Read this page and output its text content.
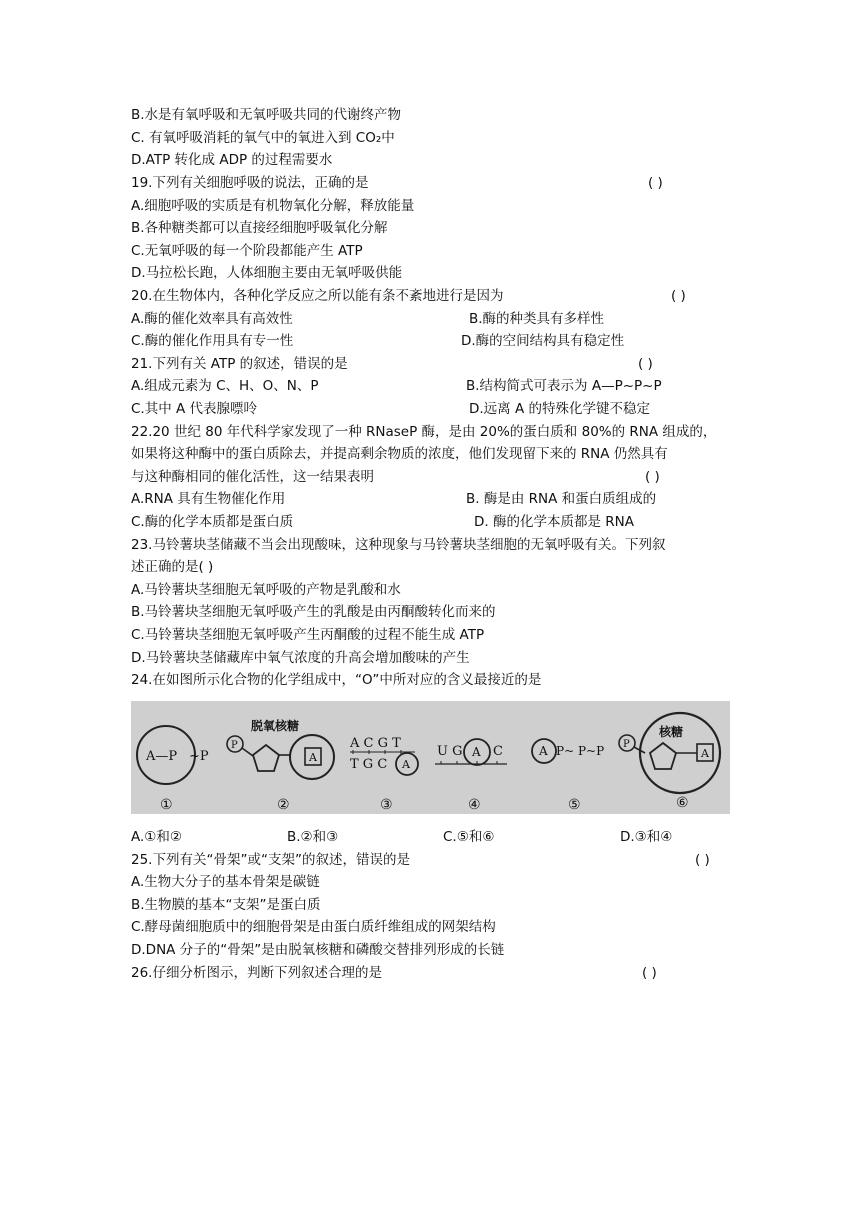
B.水是有氧呼吸和无氧呼吸共同的代谢终产物
C. 有氧呼吸消耗的氧气中的氧进入到 CO₂中
D.ATP 转化成 ADP 的过程需要水
19.下列有关细胞呼吸的说法，正确的是	( )
A.细胞呼吸的实质是有机物氧化分解，释放能量
B.各种糖类都可以直接经细胞呼吸氧化分解
C.无氧呼吸的每一个阶段都能产生 ATP
D.马拉松长跑，人体细胞主要由无氧呼吸供能
20.在生物体内，各种化学反应之所以能有条不紊地进行是因为	( )
A.酶的催化效率具有高效性	B.酶的种类具有多样性
C.酶的催化作用具有专一性	D.酶的空间结构具有稳定性
21.下列有关 ATP 的叙述，错误的是	( )
A.组成元素为 C、H、O、N、P	B.结构简式可表示为 A—P~P~P
C.其中 A 代表腺嘌呤	D.远离 A 的特殊化学键不稳定
22.20 世纪 80 年代科学家发现了一种 RNaseP 酶，是由 20%的蛋白质和 80%的 RNA 组成的，
如果将这种酶中的蛋白质除去，并提高剩余物质的浓度，他们发现留下来的 RNA 仍然具有
与这种酶相同的催化活性，这一结果表明	( )
A.RNA 具有生物催化作用	B. 酶是由 RNA 和蛋白质组成的
C.酶的化学本质都是蛋白质	D. 酶的化学本质都是 RNA
23.马铃薯块茎储藏不当会出现酸味，这种现象与马铃薯块茎细胞的无氧呼吸有关。下列叙
述正确的是( )
A.马铃薯块茎细胞无氧呼吸的产物是乳酸和水
B.马铃薯块茎细胞无氧呼吸产生的乳酸是由丙酮酸转化而来的
C.马铃薯块茎细胞无氧呼吸产生丙酮酸的过程不能生成 ATP
D.马铃薯块茎储藏库中氧气浓度的升高会增加酸味的产生
24.在如图所示化合物的化学组成中，“O”中所对应的含义最接近的是
A—P ~P
①
脱氧核糖
P
A
②
A C G T
T G C A
③
U G A C
④
A P~ P~P
⑤
P
核糖
A
⑥
A.①和②	B.②和③	C.⑤和⑥	D.③和④
25.下列有关“骨架”或“支架”的叙述，错误的是	( )
A.生物大分子的基本骨架是碳链
B.生物膜的基本“支架”是蛋白质
C.酵母菌细胞质中的细胞骨架是由蛋白质纤维组成的网架结构
D.DNA 分子的“骨架”是由脱氧核糖和磷酸交替排列形成的长链
26.仔细分析图示，判断下列叙述合理的是	( )
